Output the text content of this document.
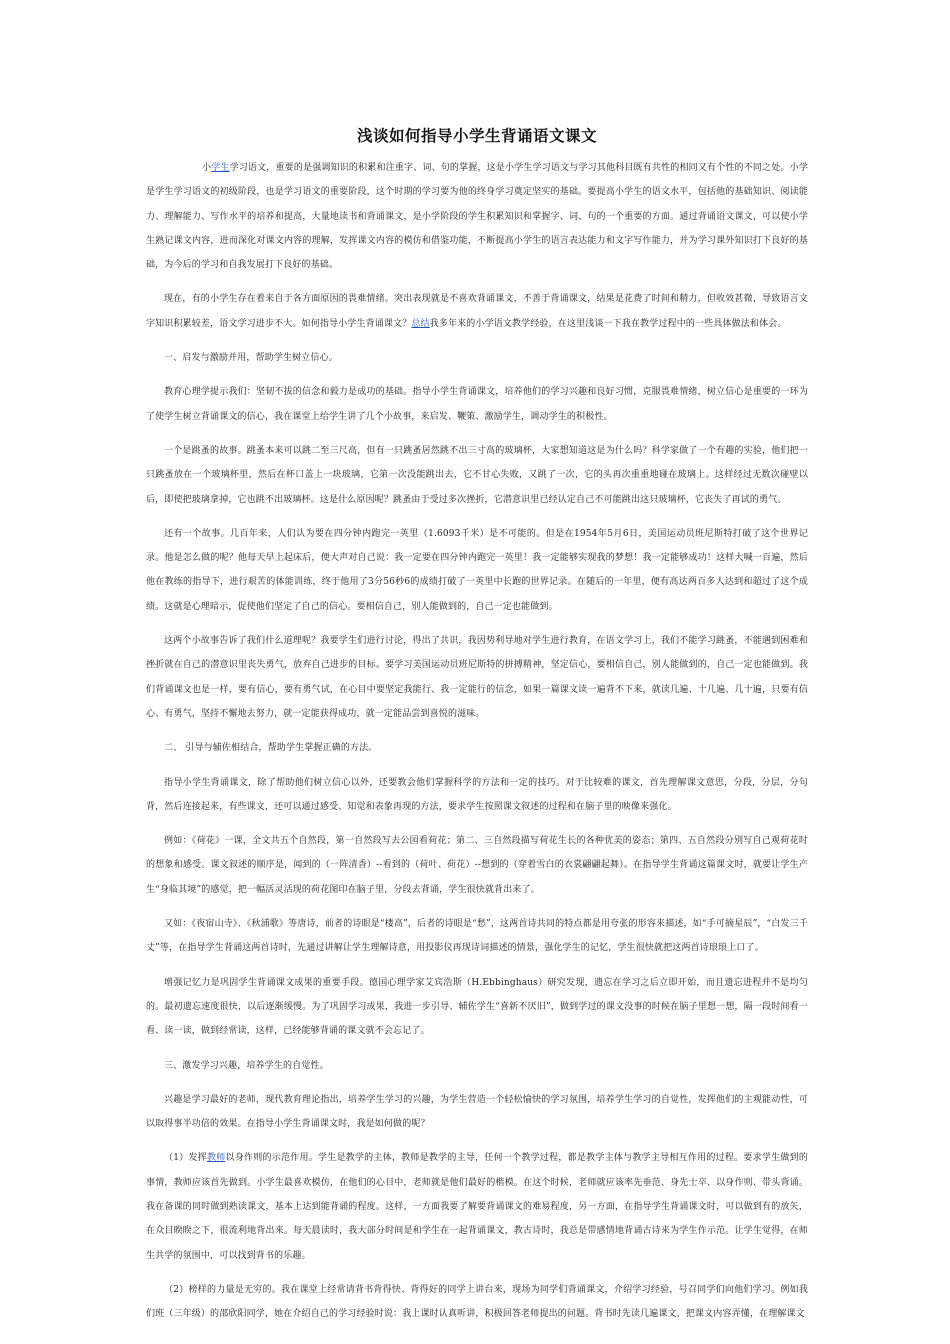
浅谈如何指导小学生背诵语文课文

小学生学习语文，重要的是强调知识的积累和注重字、词、句的掌握，这是小学生学习语文与学习其他科目既有共性的相同又有个性的不同之处。小学是学生学习语文的初级阶段，也是学习语文的重要阶段，这个时期的学习要为他的终身学习奠定坚实的基础。要提高小学生的语文水平，包括他的基础知识、阅读能力、理解能力、写作水平的培养和提高，大量地读书和背诵课文，是小学阶段的学生积累知识和掌握字、词、句的一个重要的方面。通过背诵语文课文，可以使小学生熟记课文内容，进而深化对课文内容的理解，发挥课文内容的模仿和借鉴功能，不断提高小学生的语言表达能力和文字写作能力，并为学习课外知识打下良好的基础，为今后的学习和自我发展打下良好的基础。

现在，有的小学生存在着来自于各方面原因的畏难情绪。突出表现就是不喜欢背诵课文，不善于背诵课文，结果是花费了时间和精力，但收效甚微，导致语言文字知识积累较差，语文学习进步不大。如何指导小学生背诵课文？总结我多年来的小学语文教学经验，在这里浅谈一下我在教学过程中的一些具体做法和体会。

一、启发与激励并用，帮助学生树立信心。

教育心理学提示我们：坚韧不拔的信念和毅力是成功的基础。指导小学生背诵课文，培养他们的学习兴趣和良好习惯，克服畏难情绪，树立信心是重要的一环为了使学生树立背诵课文的信心，我在课堂上给学生讲了几个小故事，来启发、鞭策、激励学生，调动学生的积极性。

一个是跳蚤的故事。跳蚤本来可以跳二至三尺高，但有一只跳蚤居然跳不出三寸高的玻璃杯，大家想知道这是为什么吗？科学家做了一个有趣的实验，他们把一只跳蚤放在一个玻璃杯里，然后在杯口盖上一块玻璃，它第一次没能跳出去，它不甘心失败，又跳了一次，它的头再次重重地碰在玻璃上。这样经过无数次碰壁以后，即使把玻璃拿掉，它也跳不出玻璃杯。这是什么原因呢？跳蚤由于受过多次挫折，它潜意识里已经认定自己不可能跳出这只玻璃杯，它丧失了再试的勇气。

还有一个故事。几百年来，人们认为要在四分钟内跑完一英里（1.6093千米）是不可能的。但是在1954年5月6日，美国运动员班尼斯特打破了这个世界记录。他是怎么做的呢？他每天早上起床后，便大声对自己说：我一定要在四分钟内跑完一英里！我一定能够实现我的梦想！我一定能够成功！这样大喊一百遍，然后他在教练的指导下，进行艰苦的体能训练，终于他用了3分56秒6的成绩打破了一英里中长跑的世界记录。在随后的一年里，便有高达两百多人达到和超过了这个成绩。这就是心理暗示，促使他们坚定了自己的信心。要相信自己，别人能做到的，自己一定也能做到。

这两个小故事告诉了我们什么道理呢？我要学生们进行讨论，得出了共识，我因势利导地对学生进行教育，在语文学习上，我们不能学习跳蚤，不能遇到困难和挫折就在自己的潜意识里丧失勇气，放弃自己进步的目标。要学习美国运动员班尼斯特的拼搏精神，坚定信心，要相信自己，别人能做到的，自己一定也能做到。我们背诵课文也是一样，要有信心，要有勇气试，在心目中要坚定我能行、我一定能行的信念，如果一篇课文读一遍背不下来，就读几遍、十几遍、几十遍，只要有信心、有勇气，坚持不懈地去努力，就一定能获得成功，就一定能品尝到喜悦的滋味。

二、 引导与辅佐相结合，帮助学生掌握正确的方法。

指导小学生背诵课文，除了帮助他们树立信心以外，还要教会他们掌握科学的方法和一定的技巧。对于比较难的课文，首先理解课文意思，分段，分层，分句背，然后连接起来，有些课文，还可以通过感受、知觉和表象再现的方法，要求学生按照课文叙述的过程和在脑子里的映像来强化。

例如：《荷花》一课，全文共五个自然段，第一自然段写去公园看荷花；第二、三自然段描写荷花生长的各种优美的姿态；第四、五自然段分别写自己观荷花时的想象和感受。课文叙述的顺序是，闻到的（一阵清香）--看到的（荷叶、荷花）--想到的（穿着雪白的衣裳翩翩起舞）。在指导学生背诵这篇课文时，就要让学生产生“身临其境”的感觉，把一幅活灵活现的荷花图印在脑子里，分段去背诵，学生很快就背出来了。

又如：《夜宿山寺》、《秋浦歌》等唐诗，前者的诗眼是“楼高”，后者的诗眼是“愁”，这两首诗共同的特点都是用夸张的形容来描述，如“手可摘星辰”，“白发三千丈”等，在指导学生背诵这两首诗时，先通过讲解让学生理解诗意，用投影仪再现诗词描述的情景，强化学生的记忆，学生很快就把这两首诗琅琅上口了。

增强记忆力是巩固学生背诵课文成果的重要手段。德国心理学家艾宾浩斯（H.Ebbinghaus）研究发现，遗忘在学习之后立即开始，而且遗忘进程并不是均匀的。最初遗忘速度很快，以后逐渐缓慢。为了巩固学习成果，我进一步引导、辅佐学生“喜新不厌旧”，做到学过的课文没事的时候在脑子里想一想，隔一段时间看一看、读一读，做到经常读，这样，已经能够背诵的课文就不会忘记了。

三、激发学习兴趣，培养学生的自觉性。

兴趣是学习最好的老师，现代教育理论指出，培养学生学习的兴趣，为学生营造一个轻松愉快的学习氛围，培养学生学习的自觉性，发挥他们的主观能动性，可以取得事半功倍的效果。在指导小学生背诵课文时，我是如何做的呢？

（1）发挥教师以身作则的示范作用。学生是教学的主体，教师是教学的主导，任何一个教学过程，都是教学主体与教学主导相互作用的过程。要求学生做到的事情，教师应该首先做到。小学生最喜欢模仿，在他们的心目中，老师就是他们最好的楷模。在这个时候，老师就应该率先垂范、身先士卒、以身作则、带头背诵。我在备课的同时做到熟读课文，基本上达到能背诵的程度。这样，一方面我要了解要背诵课文的难易程度，另一方面，在指导学生背诵课文时，可以做到有的放矢，在众目睽睽之下，很流利地背出来。每天晨读时，我大部分时间是和学生在一起背诵课文，教古诗时，我总是带感情地背诵古诗来为学生作示范。让学生觉得，在师生共学的氛围中，可以找到背书的乐趣。

（2）榜样的力量是无穷的。我在课堂上经常请背书背得快、背得好的同学上讲台来，现场为同学们背诵课文，介绍学习经验，号召同学们向他们学习。例如我们班（三年级）的邵欣阳同学，她在介绍自己的学习经验时说：我上课时认真听讲，积极回答老师提出的问题。背书时先读几遍课文，把课文内容弄懂，在理解课文
